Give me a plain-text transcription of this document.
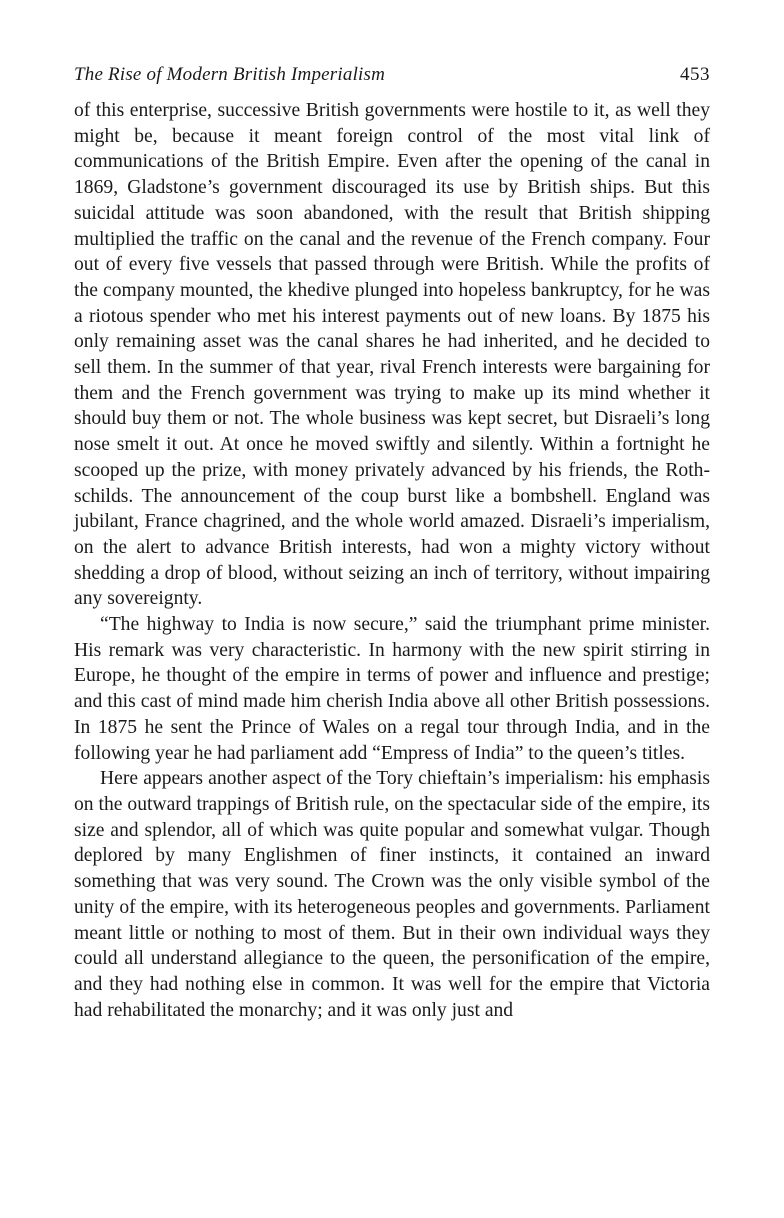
The Rise of Modern British Imperialism	453

of this enterprise, successive British governments were hostile to it, as well they might be, because it meant foreign control of the most vital link of communications of the British Empire. Even after the opening of the canal in 1869, Gladstone’s government discouraged its use by British ships. But this suicidal attitude was soon abandoned, with the result that British shipping multiplied the traffic on the canal and the revenue of the French company. Four out of every five vessels that passed through were British. While the profits of the company mounted, the khedive plunged into hopeless bankruptcy, for he was a riotous spender who met his interest payments out of new loans. By 1875 his only remaining asset was the canal shares he had inherited, and he decided to sell them. In the summer of that year, rival French interests were bargaining for them and the French government was trying to make up its mind whether it should buy them or not. The whole business was kept secret, but Disraeli’s long nose smelt it out. At once he moved swiftly and silently. Within a fortnight he scooped up the prize, with money privately advanced by his friends, the Rothschilds. The announcement of the coup burst like a bombshell. England was jubilant, France chagrined, and the whole world amazed. Disraeli’s imperialism, on the alert to advance British interests, had won a mighty victory without shedding a drop of blood, without seizing an inch of territory, without impairing any sovereignty.

“The highway to India is now secure,” said the triumphant prime minister. His remark was very characteristic. In harmony with the new spirit stirring in Europe, he thought of the empire in terms of power and influence and prestige; and this cast of mind made him cherish India above all other British possessions. In 1875 he sent the Prince of Wales on a regal tour through India, and in the following year he had parliament add “Empress of India” to the queen’s titles.

Here appears another aspect of the Tory chieftain’s imperialism: his emphasis on the outward trappings of British rule, on the spectacular side of the empire, its size and splendor, all of which was quite popular and somewhat vulgar. Though deplored by many Englishmen of finer instincts, it contained an inward something that was very sound. The Crown was the only visible symbol of the unity of the empire, with its heterogeneous peoples and governments. Parliament meant little or nothing to most of them. But in their own individual ways they could all understand allegiance to the queen, the personification of the empire, and they had nothing else in common. It was well for the empire that Victoria had rehabilitated the monarchy; and it was only just and
